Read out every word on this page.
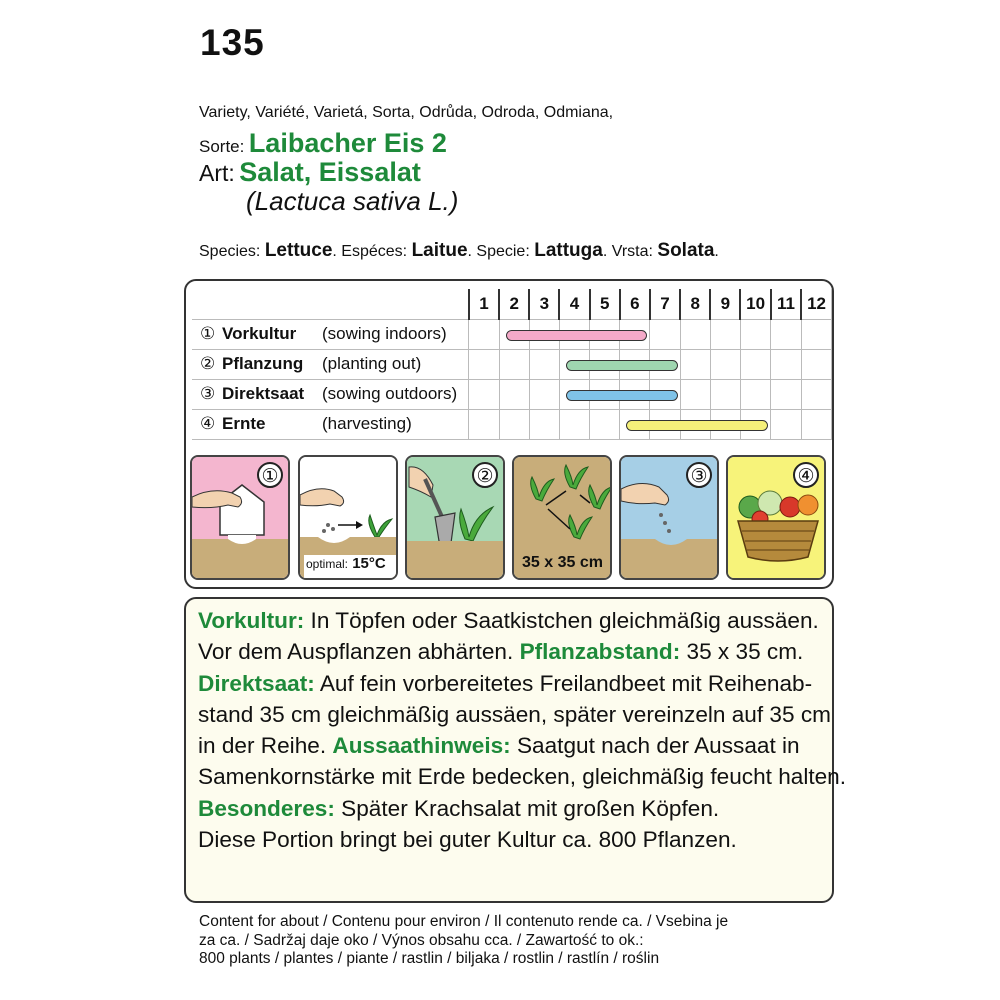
135
Variety, Variété, Varietá, Sorta, Odrůda, Odroda, Odmiana,
Sorte: Laibacher Eis 2
Art: Salat, Eissalat
(Lactuca sativa L.)
Species: Lettuce. Espéces: Laitue. Specie: Lattuga. Vrsta: Solata.
	1	2	3	4	5	6	7	8	9	10	11	12
① Vorkultur (sowing indoors)												
② Pflanzung (planting out)												
③ Direktsaat (sowing outdoors)												
④ Ernte (harvesting)												
①
optimal: 15°C
②
35 x 35 cm
③	④
Vorkultur: In Töpfen oder Saatkistchen gleichmäßig aussäen.
Vor dem Auspflanzen abhärten. Pflanzabstand: 35 x 35 cm.
Direktsaat: Auf fein vorbereitetes Freilandbeet mit Reihenab-
stand 35 cm gleichmäßig aussäen, später vereinzeln auf 35 cm
in der Reihe. Aussaathinweis: Saatgut nach der Aussaat in
Samenkornstärke mit Erde bedecken, gleichmäßig feucht halten.
Besonderes: Später Krachsalat mit großen Köpfen.
Diese Portion bringt bei guter Kultur ca. 800 Pflanzen.
Content for about / Contenu pour environ / Il contenuto rende ca. / Vsebina je
za ca. / Sadržaj daje oko / Výnos obsahu cca. / Zawartość to ok.:
800 plants / plantes / piante / rastlin / biljaka / rostlin / rastlín / roślin
